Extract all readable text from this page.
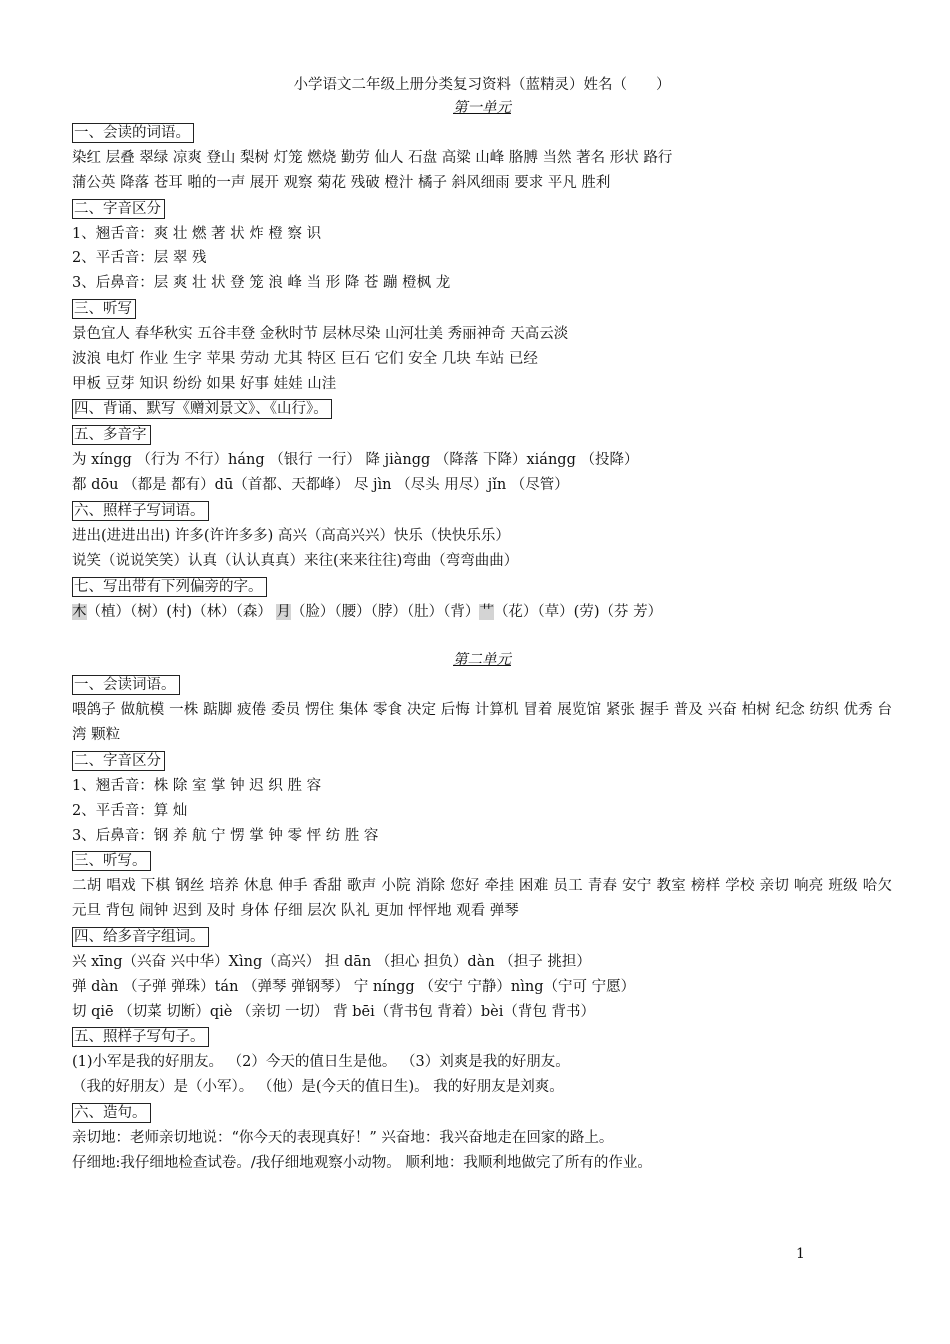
小学语文二年级上册分类复习资料（蓝精灵）姓名（　　）
第一单元
一、会读的词语。
染红 层叠 翠绿 凉爽 登山 梨树 灯笼 燃烧 勤劳 仙人 石盘 高粱 山峰 胳膊 当然 著名 形状 路行
蒲公英 降落 苍耳 啪的一声 展开 观察 菊花 残破 橙汁 橘子 斜风细雨 要求 平凡 胜利
二、字音区分
1、翘舌音：爽 壮 燃 著 状 炸 橙 察 识
2、平舌音：层 翠 残
3、后鼻音：层 爽 壮 状 登 笼 浪 峰 当 形 降 苍 蹦 橙枫 龙
三、听写
景色宜人 春华秋实 五谷丰登 金秋时节 层林尽染 山河壮美 秀丽神奇 天高云淡
波浪 电灯 作业 生字 苹果 劳动 尤其 特区 巨石 它们 安全 几块 车站 已经
甲板 豆芽 知识 纷纷 如果 好事 娃娃 山洼
四、背诵、默写《赠刘景文》、《山行》。
五、多音字
为 xíngg （行为 不行）háng （银行 一行） 降 jiàngg （降落 下降）xiángg （投降）
都 dōu （都是 都有）dū（首都、天都峰） 尽 jìn （尽头 用尽）jǐn （尽管）
六、照样子写词语。
进出(进进出出) 许多(许许多多) 高兴（高高兴兴）快乐（快快乐乐）
说笑（说说笑笑）认真（认认真真）来往(来来往往)弯曲（弯弯曲曲）
七、写出带有下列偏旁的字。
木（植）（树）(村)（林）（森） 月（脸）（腰）（脖）（肚）（背）艹（花）（草）(劳)（芬 芳）
第二单元
一、会读词语。
喂鸽子 做航模 一株 踮脚 疲倦 委员 愣住 集体 零食 决定 后悔 计算机 冒着 展览馆 紧张 握手 普及 兴奋 柏树 纪念 纺织 优秀 台湾 颗粒
二、字音区分
1、翘舌音：株 除 室 掌 钟 迟 织 胜 容
2、平舌音：算 灿
3、后鼻音：钢 养 航 宁 愣 掌 钟 零 怦 纺 胜 容
三、听写。
二胡 唱戏 下棋 钢丝 培养 休息 伸手 香甜 歌声 小院 消除 您好 牵挂 困难 员工 青春 安宁 教室 榜样 学校 亲切 响亮 班级 哈欠 元旦 背包 闹钟 迟到 及时 身体 仔细 层次 队礼 更加 怦怦地 观看 弹琴
四、给多音字组词。
兴 xīng（兴奋 兴中华）Xìng（高兴） 担 dān （担心 担负）dàn （担子 挑担）
弹 dàn （子弹 弹珠）tán （弹琴 弹钢琴） 宁 níngg （安宁 宁静）nìng（宁可 宁愿）
切 qiē （切菜 切断）qiè （亲切 一切） 背 bēi（背书包 背着）bèi（背包 背书）
五、照样子写句子。
(1)小军是我的好朋友。 （2）今天的值日生是他。 （3）刘爽是我的好朋友。
（我的好朋友）是（小军）。 （他）是(今天的值日生)。 我的好朋友是刘爽。
六、造句。
亲切地：老师亲切地说：“你今天的表现真好！” 兴奋地：我兴奋地走在回家的路上。
仔细地:我仔细地检查试卷。/我仔细地观察小动物。 顺利地：我顺利地做完了所有的作业。
1
